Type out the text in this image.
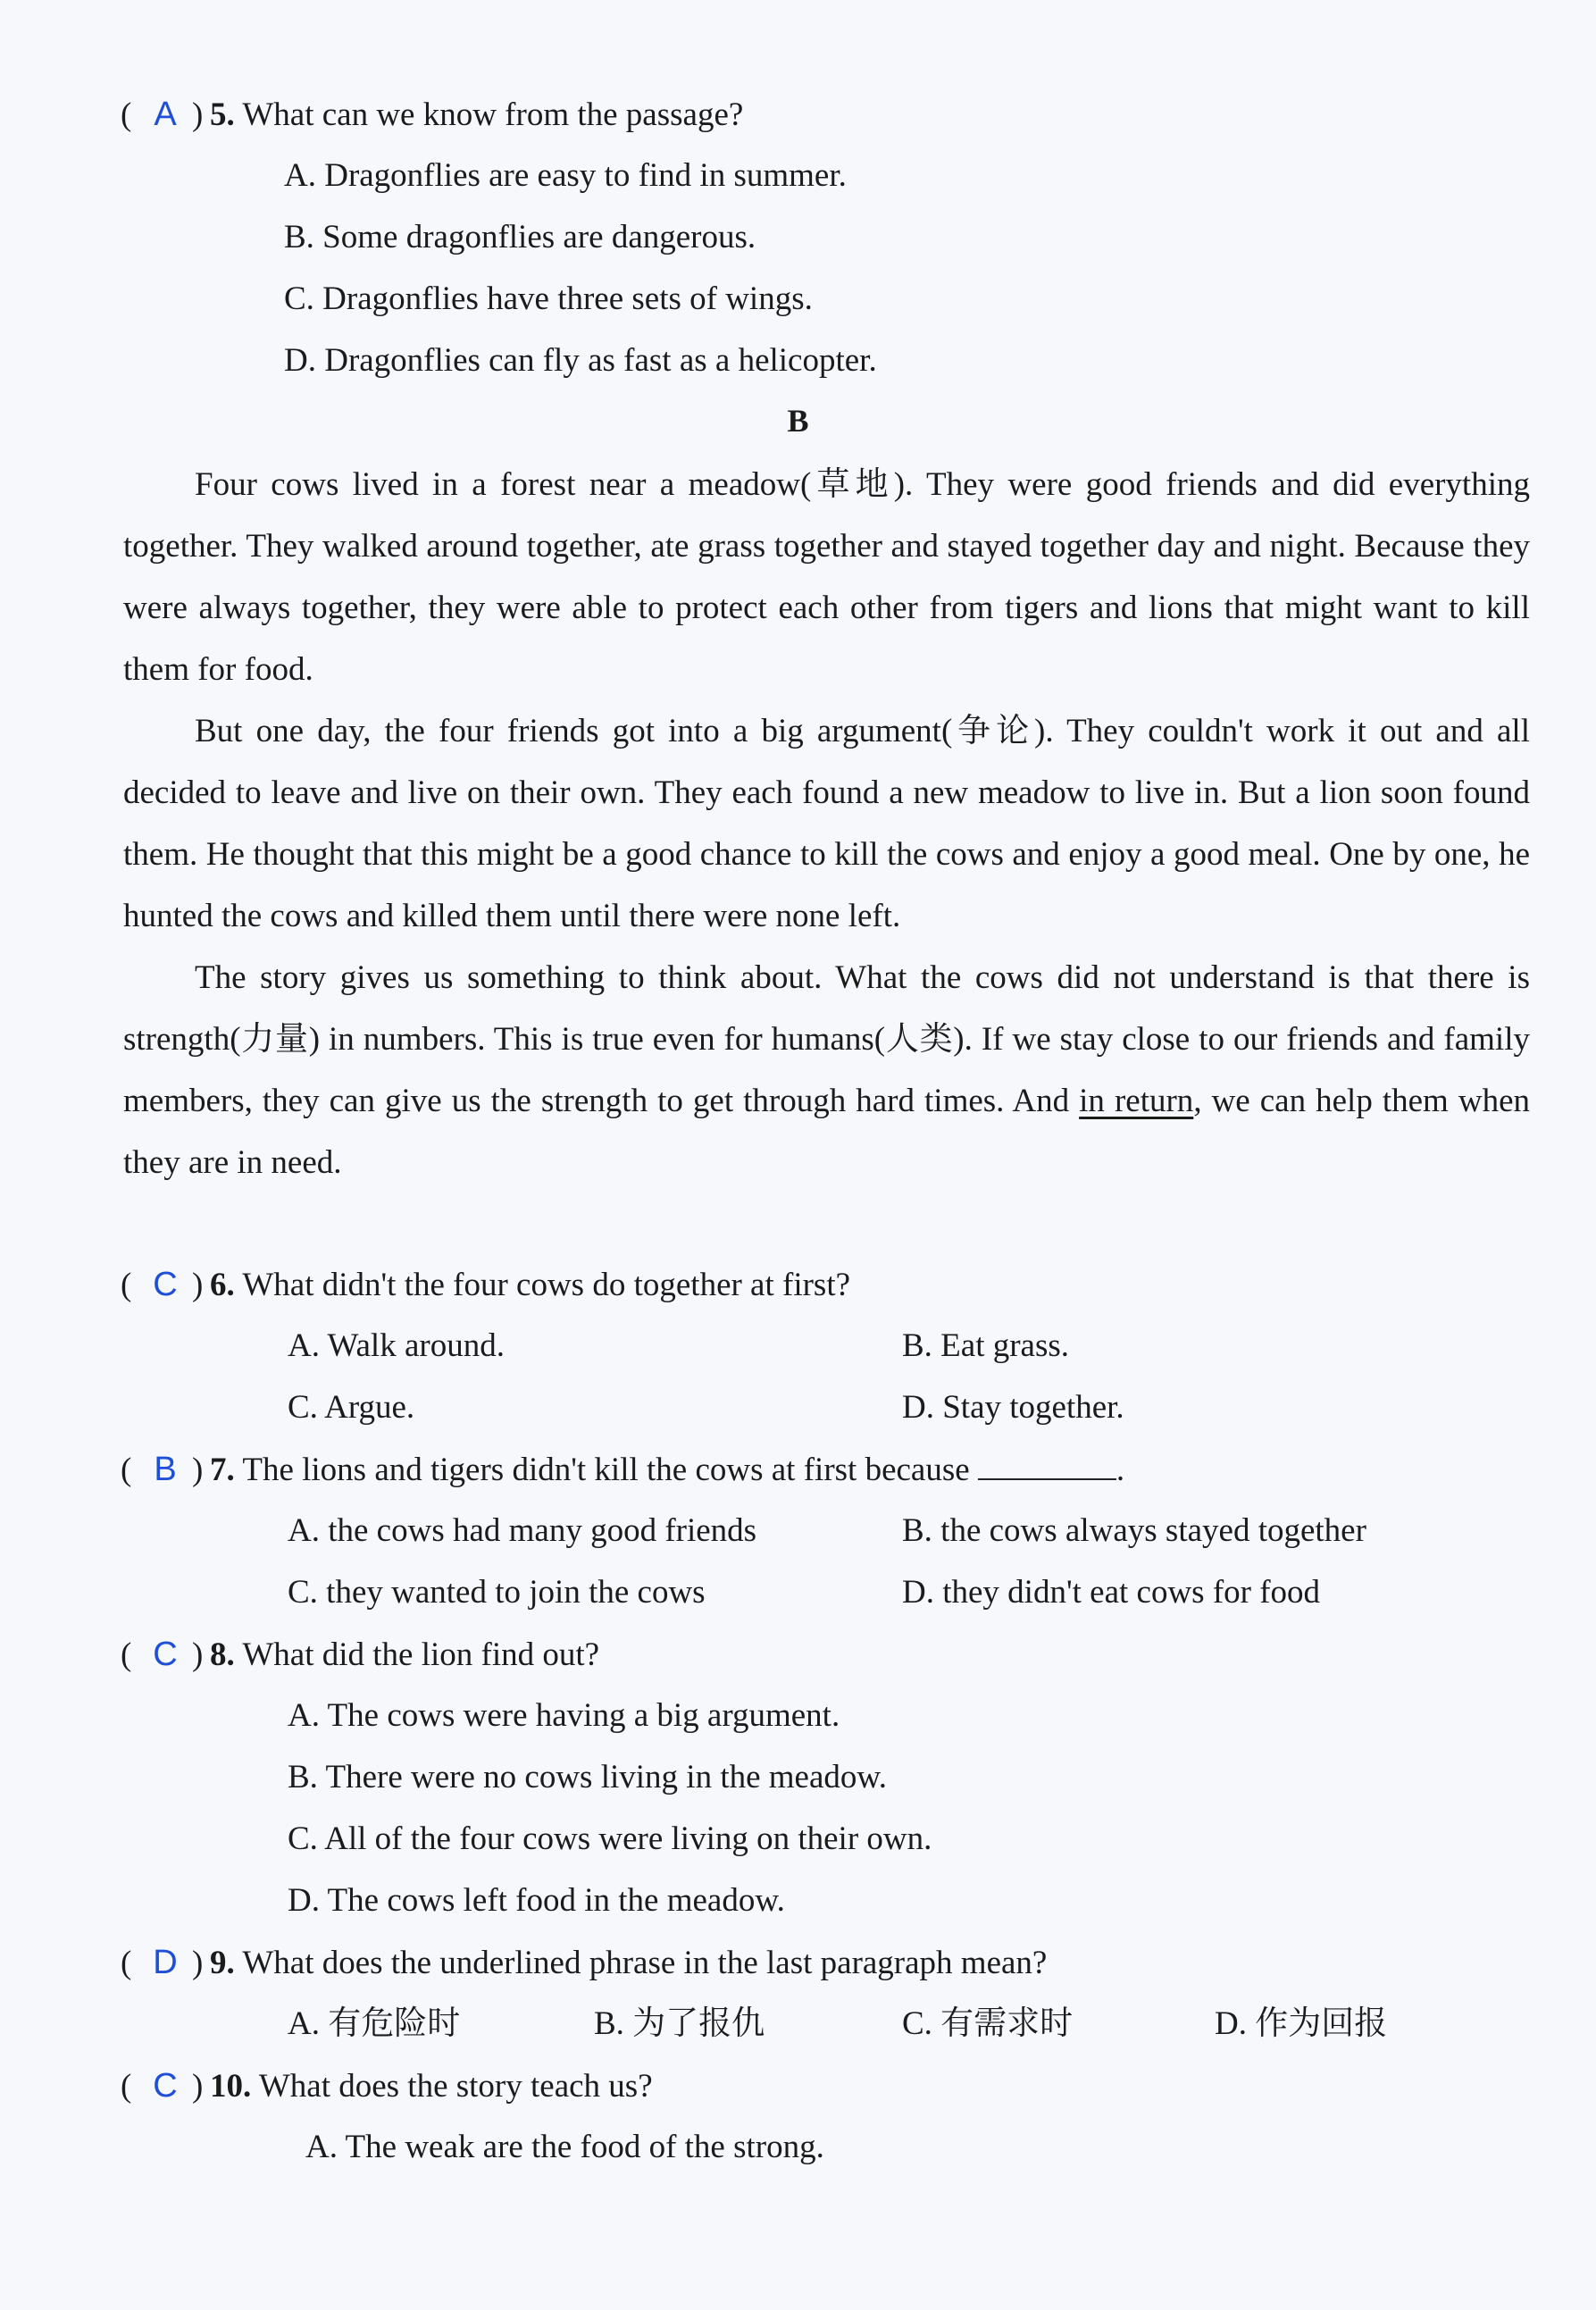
( A ) 5. What can we know from the passage?
A. Dragonflies are easy to find in summer.
B. Some dragonflies are dangerous.
C. Dragonflies have three sets of wings.
D. Dragonflies can fly as fast as a helicopter.
B

Four cows lived in a forest near a meadow(草地). They were good friends and did everything together. They walked around together, ate grass together and stayed together day and night. Because they were always together, they were able to protect each other from tigers and lions that might want to kill them for food.

But one day, the four friends got into a big argument(争论). They couldn't work it out and all decided to leave and live on their own. They each found a new meadow to live in. But a lion soon found them. He thought that this might be a good chance to kill the cows and enjoy a good meal. One by one, he hunted the cows and killed them until there were none left.

The story gives us something to think about. What the cows did not understand is that there is strength(力量) in numbers. This is true even for humans(人类). If we stay close to our friends and family members, they can give us the strength to get through hard times. And in return, we can help them when they are in need.

( C ) 6. What didn't the four cows do together at first?
A. Walk around.	B. Eat grass.
C. Argue.	D. Stay together.
( B ) 7. The lions and tigers didn't kill the cows at first because	.
A. the cows had many good friends	B. the cows always stayed together
C. they wanted to join the cows	D. they didn't eat cows for food
( C ) 8. What did the lion find out?
A. The cows were having a big argument.
B. There were no cows living in the meadow.
C. All of the four cows were living on their own.
D. The cows left food in the meadow.
( D ) 9. What does the underlined phrase in the last paragraph mean?
A. 有危险时	B. 为了报仇	C. 有需求时	D. 作为回报
( C ) 10. What does the story teach us?
A. The weak are the food of the strong.
